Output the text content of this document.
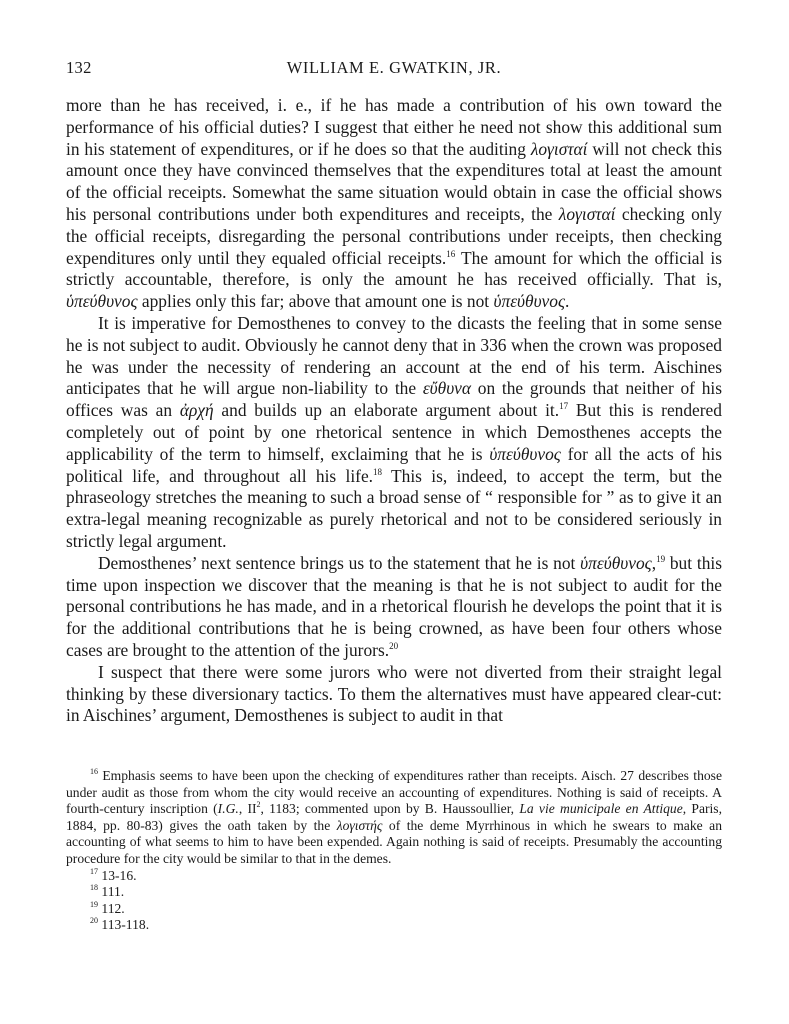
132	WILLIAM E. GWATKIN, JR.

more than he has received, i. e., if he has made a contribution of his own toward the performance of his official duties? I suggest that either he need not show this additional sum in his statement of expenditures, or if he does so that the auditing λογισταί will not check this amount once they have convinced themselves that the expenditures total at least the amount of the official receipts. Somewhat the same situation would obtain in case the official shows his personal contributions under both expenditures and receipts, the λογισταί checking only the official receipts, disregarding the personal contributions under receipts, then checking expenditures only until they equaled official receipts.$^{16}$ The amount for which the official is strictly accountable, therefore, is only the amount he has received officially. That is, ὑπεύθυνος applies only this far; above that amount one is not ὑπεύθυνος.

It is imperative for Demosthenes to convey to the dicasts the feeling that in some sense he is not subject to audit. Obviously he cannot deny that in 336 when the crown was proposed he was under the necessity of rendering an account at the end of his term. Aischines anticipates that he will argue non-liability to the εὔθυνα on the grounds that neither of his offices was an ἀρχή and builds up an elaborate argument about it.$^{17}$ But this is rendered completely out of point by one rhetorical sentence in which Demosthenes accepts the applicability of the term to himself, exclaiming that he is ὑπεύθυνος for all the acts of his political life, and throughout all his life.$^{18}$ This is, indeed, to accept the term, but the phraseology stretches the meaning to such a broad sense of “ responsible for ” as to give it an extra-legal meaning recognizable as purely rhetorical and not to be considered seriously in strictly legal argument.

Demosthenes’ next sentence brings us to the statement that he is not ὑπεύθυνος,$^{19}$ but this time upon inspection we discover that the meaning is that he is not subject to audit for the personal contributions he has made, and in a rhetorical flourish he develops the point that it is for the additional contributions that he is being crowned, as have been four others whose cases are brought to the attention of the jurors.$^{20}$

I suspect that there were some jurors who were not diverted from their straight legal thinking by these diversionary tactics. To them the alternatives must have appeared clear-cut: in Aischines’ argument, Demosthenes is subject to audit in that

$^{16}$ Emphasis seems to have been upon the checking of expenditures rather than receipts. Aisch. 27 describes those under audit as those from whom the city would receive an accounting of expenditures. Nothing is said of receipts. A fourth-century inscription (I.G., $II^2$, 1183; commented upon by B. Haussoullier, La vie municipale en Attique, Paris, 1884, pp. 80-83) gives the oath taken by the λογιστής of the deme Myrrhinous in which he swears to make an accounting of what seems to him to have been expended. Again nothing is said of receipts. Presumably the accounting procedure for the city would be similar to that in the demes.

$^{17}$ 13-16.

$^{18}$ 111.

$^{19}$ 112.

$^{20}$ 113-118.
